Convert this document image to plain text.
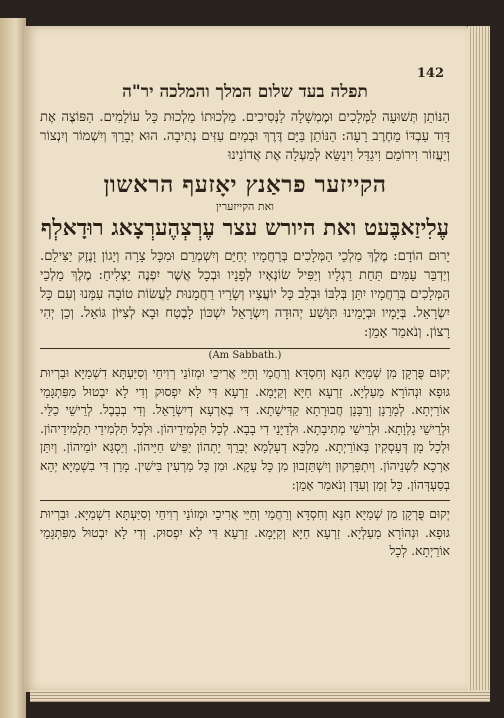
142
תפלה בעד שלום המלך והמלכה יר"ה

הַנּוֹתֵן תְּשׁוּעָה לַמְּלָכִים וּמֶמְשָׁלָה לַנְּסִיכִים. מַלְכוּתוֹ מַלְכוּת כָּל עוֹלָמִים. הַפּוֹצֶה אֶת דָּוִד עַבְדּוֹ מֵחֶרֶב רָעָה: הַנּוֹתֵן בַּיָּם דֶּרֶךְ וּבְמַיִם עַזִּים נְתִיבָה. הוּא יְבָרֵךְ וְיִשְׁמוֹר וְיִנְצוֹר וְיַעֲזוֹר וִירוֹמֵם וִיגַדֵּל וִינַשֵּׂא לְמַעְלָה אֶת אֲדוֹנֵינוּ

הקייזער פראַנץ יאָזעף הראשון
ואת הקייזערין
עֶלִיזַאבֶּעט ואת היורש עצר עֶרְצְהֶערְצָאג רוּדָאלְף

יָרוּם הוֹדָם: מֶלֶךְ מַלְכֵי הַמְּלָכִים בְּרַחֲמָיו יְחַיֵּם וְיִשְׁמְרֵם וּמִכָּל צָרָה וְיָגוֹן וָנֶזֶק יַצִּילֵם. וְיַדְבֵּר עַמִּים תַּחַת רַגְלָיו וְיַפִּיל שׂוֹנְאָיו לְפָנָיו וּבְכָל אֲשֶׁר יִפְנֶה יַצְלִיחַ: מֶלֶךְ מַלְכֵי הַמְּלָכִים בְּרַחֲמָיו יִתֵּן בְּלִבּוֹ וּבְלֵב כָּל יוֹעֲצָיו וְשָׂרָיו רַחֲמָנוּת לַעֲשׂוֹת טוֹבָה עִמָּנוּ וְעִם כָּל יִשְׂרָאֵל. בְּיָמָיו וּבְיָמֵינוּ תִּוָּשַׁע יְהוּדָה וְיִשְׂרָאֵל יִשְׁכּוֹן לָבֶטַח וּבָא לְצִיּוֹן גּוֹאֵל. וְכֵן יְהִי רָצוֹן. וְנֹאמַר אָמֵן:

(Am Sabbath.)

יְקוּם פֻּרְקָן מִן שְׁמַיָּא חִנָּא וְחִסְדָּא וְרַחֲמֵי וְחַיֵּי אֲרִיכֵי וּמְזוֹנֵי רְוִיחֵי וְסִיַּעְתָּא דִשְׁמַיָּא וּבַרְיוּת גּוּפָא וּנְהוֹרָא מַעַלְיָא. זַרְעָא חַיָּא וְקַיָּמָא. זַרְעָא דִּי לָא יִפְסוּק וְדִי לָא יִבְטוּל מִפִּתְגָּמֵי אוֹרַיְתָא. לְמָרָנָן וְרַבָּנָן חֲבוּרָתָא קַדִּישָׁתָא. דִּי בְאַרְעָא דְיִשְׂרָאֵל. וְדִי בְבָבֶל. לְרֵישֵׁי כַלֵּי. וּלְרֵישֵׁי גָלְוָתָא. וּלְרֵישֵׁי מְתִיבָתָא. וּלְדַיָּנֵי דִי בָבָא. לְכָל תַּלְמִידֵיהוֹן. וּלְכָל תַּלְמִידֵי תַלְמִידֵיהוֹן. וּלְכָל מָן דְּעָסְקִין בְּאוֹרַיְתָא. מַלְכָּא דְעָלְמָא יְבָרֵךְ יָתְהוֹן יַפֵּישׁ חַיֵּיהוֹן. וְיַסְגֵּא יוֹמֵיהוֹן. וְיִתֵּן אַרְכָא לִשְׁנֵיהוֹן. וְיִתְפָּרְקוּן וְיִשְׁתֵּזְבוּן מִן כָּל עָקָא. וּמִן כָּל מַרְעִין בִּישִׁין. מָרַן דִּי בִשְׁמַיָּא יְהֵא בְסַעְדְּהוֹן. כָּל זְמַן וְעִדָּן וְנֹאמַר אָמֵן:

יְקוּם פֻּרְקָן מִן שְׁמַיָּא חִנָּא וְחִסְדָּא וְרַחֲמֵי וְחַיֵּי אֲרִיכֵי וּמְזוֹנֵי רְוִיחֵי וְסִיַּעְתָּא דִשְׁמַיָּא. וּבַרְיוּת גּוּפָא. וּנְהוֹרָא מַעַלְיָא. זַרְעָא חַיָּא וְקַיָּמָא. זַרְעָא דִּי לָא יִפְסוּק. וְדִי לָא יִבְטוּל מִפִּתְגָּמֵי אוֹרַיְתָא. לְכָל
